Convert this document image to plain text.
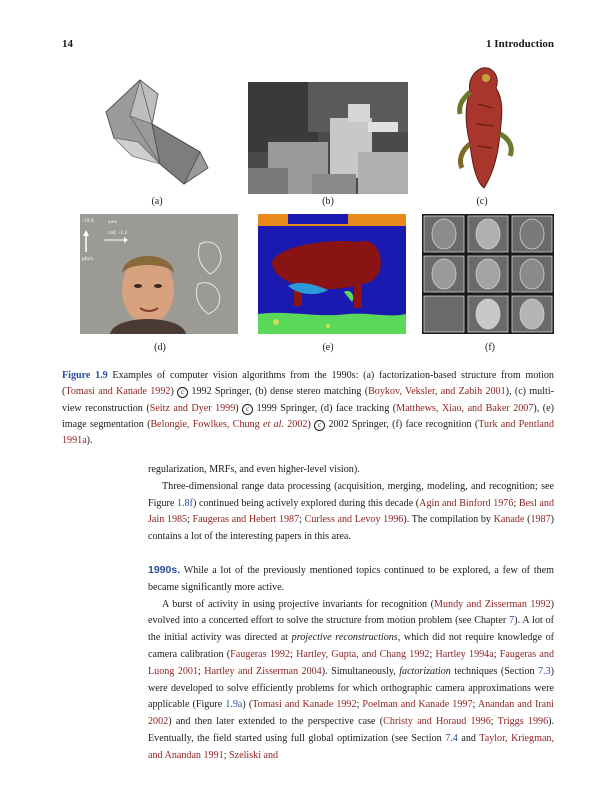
14	1 Introduction
(a)	(b)	(c)
-19.9	yaw
roll: -1.2
pitch
(d)	(e)	(f)
Figure 1.9 Examples of computer vision algorithms from the 1990s: (a) factorization-based structure from motion (Tomasi and Kanade 1992) c 1992 Springer, (b) dense stereo matching (Boykov, Veksler, and Zabih 2001), (c) multi-view reconstruction (Seitz and Dyer 1999) c 1999 Springer, (d) face tracking (Matthews, Xiao, and Baker 2007), (e) image segmentation (Belongie, Fowlkes, Chung et al. 2002) c 2002 Springer, (f) face recognition (Turk and Pentland 1991a).

regularization, MRFs, and even higher-level vision).

Three-dimensional range data processing (acquisition, merging, modeling, and recognition; see Figure 1.8f) continued being actively explored during this decade (Agin and Binford 1976; Besl and Jain 1985; Faugeras and Hebert 1987; Curless and Levoy 1996). The compilation by Kanade (1987) contains a lot of the interesting papers in this area.

1990s. While a lot of the previously mentioned topics continued to be explored, a few of them became significantly more active.

A burst of activity in using projective invariants for recognition (Mundy and Zisserman 1992) evolved into a concerted effort to solve the structure from motion problem (see Chapter 7). A lot of the initial activity was directed at projective reconstructions, which did not require knowledge of camera calibration (Faugeras 1992; Hartley, Gupta, and Chang 1992; Hartley 1994a; Faugeras and Luong 2001; Hartley and Zisserman 2004). Simultaneously, factorization techniques (Section 7.3) were developed to solve efficiently problems for which orthographic camera approximations were applicable (Figure 1.9a) (Tomasi and Kanade 1992; Poelman and Kanade 1997; Anandan and Irani 2002) and then later extended to the perspective case (Christy and Horaud 1996; Triggs 1996). Eventually, the field started using full global optimization (see Section 7.4 and Taylor, Kriegman, and Anandan 1991; Szeliski and
